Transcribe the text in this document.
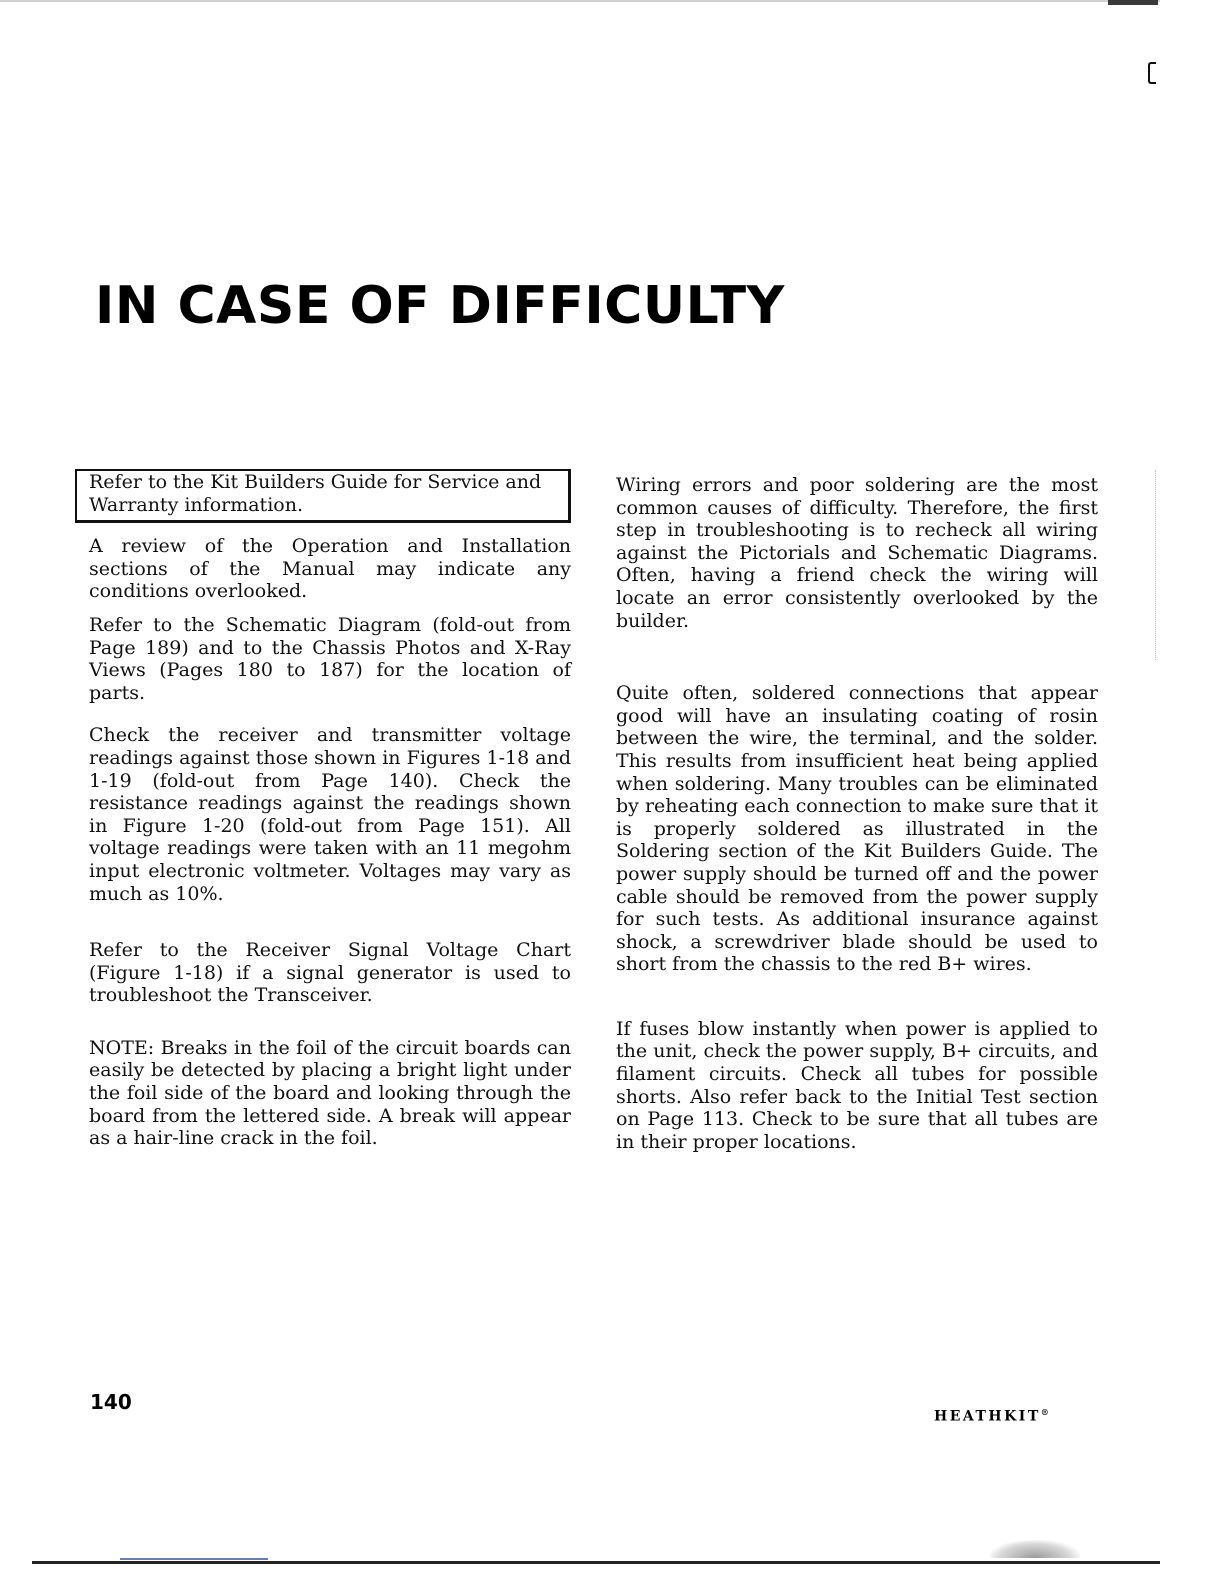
IN CASE OF DIFFICULTY

Refer to the Kit Builders Guide for Service and Warranty information.

A review of the Operation and Installation sections of the Manual may indicate any conditions overlooked.

Refer to the Schematic Diagram (fold-out from Page 189) and to the Chassis Photos and X-Ray Views (Pages 180 to 187) for the location of parts.

Check the receiver and transmitter voltage readings against those shown in Figures 1-18 and 1-19 (fold-out from Page 140). Check the resistance readings against the readings shown in Figure 1-20 (fold-out from Page 151). All voltage readings were taken with an 11 megohm input electronic voltmeter. Voltages may vary as much as 10%.

Refer to the Receiver Signal Voltage Chart (Figure 1-18) if a signal generator is used to troubleshoot the Transceiver.

NOTE: Breaks in the foil of the circuit boards can easily be detected by placing a bright light under the foil side of the board and looking through the board from the lettered side. A break will appear as a hair-line crack in the foil.

Wiring errors and poor soldering are the most common causes of difficulty. Therefore, the first step in troubleshooting is to recheck all wiring against the Pictorials and Schematic Diagrams. Often, having a friend check the wiring will locate an error consistently overlooked by the builder.

Quite often, soldered connections that appear good will have an insulating coating of rosin between the wire, the terminal, and the solder. This results from insufficient heat being applied when soldering. Many troubles can be eliminated by reheating each connection to make sure that it is properly soldered as illustrated in the Soldering section of the Kit Builders Guide. The power supply should be turned off and the power cable should be removed from the power supply for such tests. As additional insurance against shock, a screwdriver blade should be used to short from the chassis to the red B+ wires.

If fuses blow instantly when power is applied to the unit, check the power supply, B+ circuits, and filament circuits. Check all tubes for possible shorts. Also refer back to the Initial Test section on Page 113. Check to be sure that all tubes are in their proper locations.

140
HEATHKIT®
